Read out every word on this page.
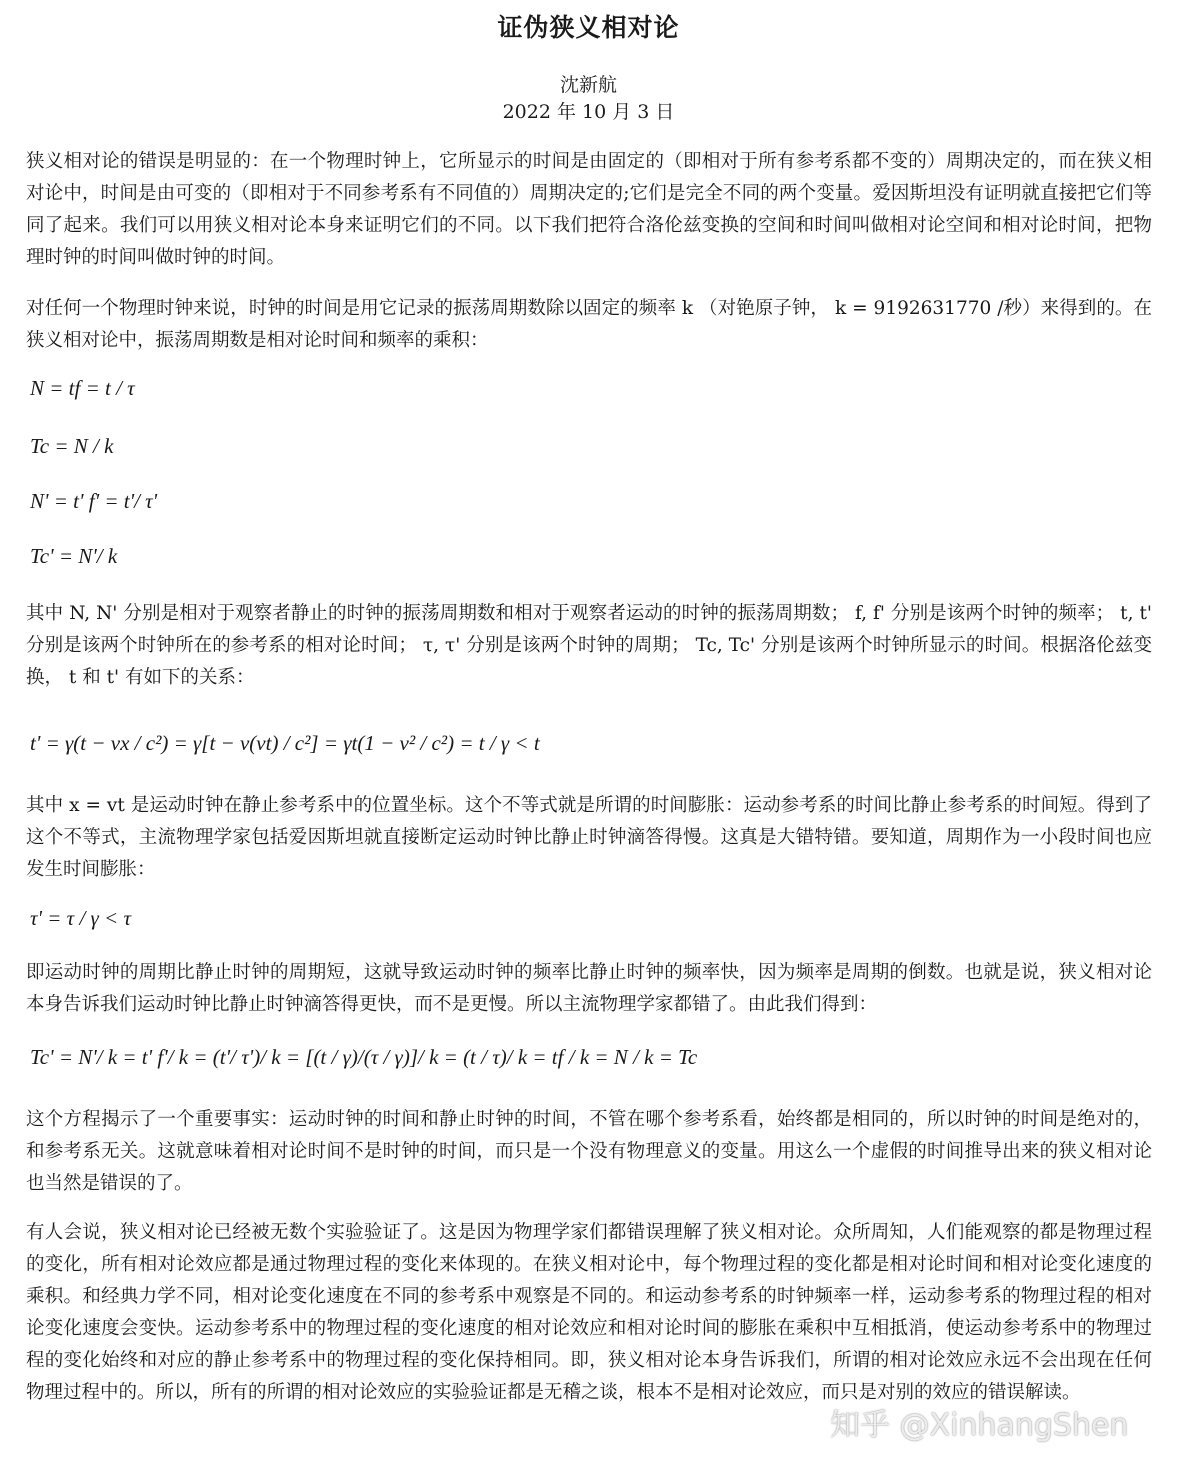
证伪狭义相对论
沈新航
2022 年 10 月 3 日

狭义相对论的错误是明显的：在一个物理时钟上，它所显示的时间是由固定的（即相对于所有参考系都不变的）周期决定的，而在狭义相对论中，时间是由可变的（即相对于不同参考系有不同值的）周期决定的;它们是完全不同的两个变量。爱因斯坦没有证明就直接把它们等同了起来。我们可以用狭义相对论本身来证明它们的不同。以下我们把符合洛伦兹变换的空间和时间叫做相对论空间和相对论时间，把物理时钟的时间叫做时钟的时间。

对任何一个物理时钟来说，时钟的时间是用它记录的振荡周期数除以固定的频率 k （对铯原子钟， k = 9192631770 /秒）来得到的。在狭义相对论中，振荡周期数是相对论时间和频率的乘积：

N = tf = t / τ
Tc = N / k
N' = t' f' = t'/ τ'
Tc' = N'/ k

其中 N, N' 分别是相对于观察者静止的时钟的振荡周期数和相对于观察者运动的时钟的振荡周期数； f, f' 分别是该两个时钟的频率； t, t' 分别是该两个时钟所在的参考系的相对论时间； τ, τ' 分别是该两个时钟的周期； Tc, Tc' 分别是该两个时钟所显示的时间。根据洛伦兹变换， t 和 t' 有如下的关系：

t' = γ(t − vx / c²) = γ[t − v(vt) / c²] = γt(1 − v² / c²) = t / γ < t

其中 x = vt 是运动时钟在静止参考系中的位置坐标。这个不等式就是所谓的时间膨胀：运动参考系的时间比静止参考系的时间短。得到了这个不等式，主流物理学家包括爱因斯坦就直接断定运动时钟比静止时钟滴答得慢。这真是大错特错。要知道，周期作为一小段时间也应发生时间膨胀：

τ' = τ / γ < τ

即运动时钟的周期比静止时钟的周期短，这就导致运动时钟的频率比静止时钟的频率快，因为频率是周期的倒数。也就是说，狭义相对论本身告诉我们运动时钟比静止时钟滴答得更快，而不是更慢。所以主流物理学家都错了。由此我们得到：

Tc' = N'/ k = t' f'/ k = (t'/ τ')/ k = [(t / γ)/(τ / γ)]/ k = (t / τ)/ k = tf / k = N / k = Tc

这个方程揭示了一个重要事实：运动时钟的时间和静止时钟的时间，不管在哪个参考系看，始终都是相同的，所以时钟的时间是绝对的，和参考系无关。这就意味着相对论时间不是时钟的时间，而只是一个没有物理意义的变量。用这么一个虚假的时间推导出来的狭义相对论也当然是错误的了。

有人会说，狭义相对论已经被无数个实验验证了。这是因为物理学家们都错误理解了狭义相对论。众所周知，人们能观察的都是物理过程的变化，所有相对论效应都是通过物理过程的变化来体现的。在狭义相对论中，每个物理过程的变化都是相对论时间和相对论变化速度的乘积。和经典力学不同，相对论变化速度在不同的参考系中观察是不同的。和运动参考系的时钟频率一样，运动参考系的物理过程的相对论变化速度会变快。运动参考系中的物理过程的变化速度的相对论效应和相对论时间的膨胀在乘积中互相抵消，使运动参考系中的物理过程的变化始终和对应的静止参考系中的物理过程的变化保持相同。即，狭义相对论本身告诉我们，所谓的相对论效应永远不会出现在任何物理过程中的。所以，所有的所谓的相对论效应的实验验证都是无稽之谈，根本不是相对论效应，而只是对别的效应的错误解读。

知乎 @XinhangShen
